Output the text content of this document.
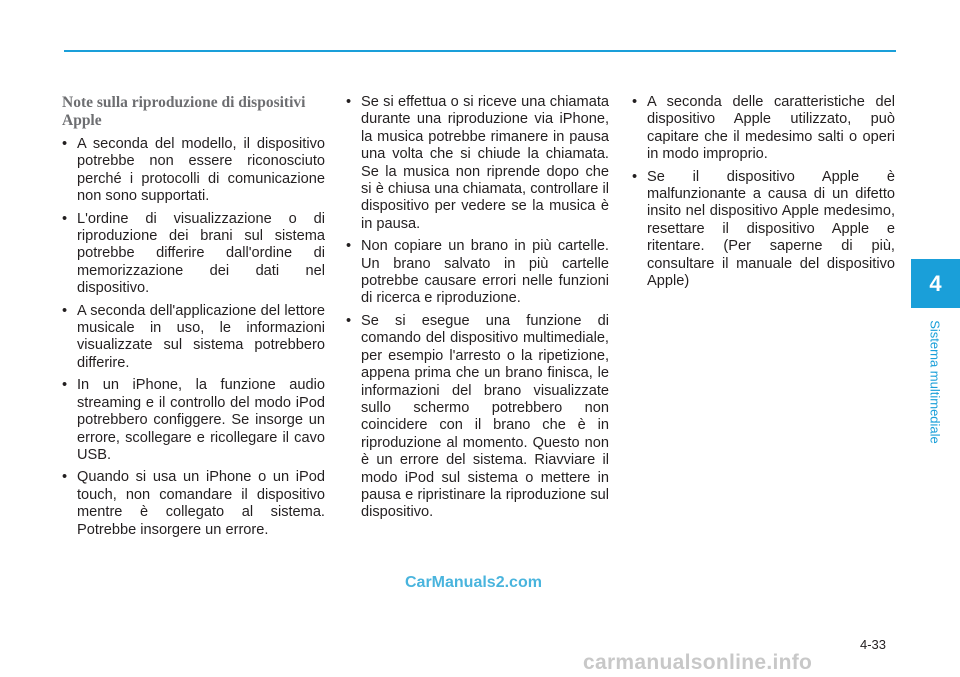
Note sulla riproduzione di dispositivi Apple
• A seconda del modello, il dispositivo potrebbe non essere riconosciuto perché i protocolli di comunicazione non sono supportati.
• L'ordine di visualizzazione o di riproduzione dei brani sul sistema potrebbe differire dall'ordine di memorizzazione dei dati nel dispositivo.
• A seconda dell'applicazione del lettore musicale in uso, le informazioni visualizzate sul sistema potrebbero differire.
• In un iPhone, la funzione audio streaming e il controllo del modo iPod potrebbero configgere. Se insorge un errore, scollegare e ricollegare il cavo USB.
• Quando si usa un iPhone o un iPod touch, non comandare il dispositivo mentre è collegato al sistema. Potrebbe insorgere un errore.
• Se si effettua o si riceve una chiamata durante una riproduzione via iPhone, la musica potrebbe rimanere in pausa una volta che si chiude la chiamata. Se la musica non riprende dopo che si è chiusa una chiamata, controllare il dispositivo per vedere se la musica è in pausa.
• Non copiare un brano in più cartelle. Un brano salvato in più cartelle potrebbe causare errori nelle funzioni di ricerca e riproduzione.
• Se si esegue una funzione di comando del dispositivo multimediale, per esempio l'arresto o la ripetizione, appena prima che un brano finisca, le informazioni del brano visualizzate sullo schermo potrebbero non coincidere con il brano che è in riproduzione al momento. Questo non è un errore del sistema. Riavviare il modo iPod sul sistema o mettere in pausa e ripristinare la riproduzione sul dispositivo.
• A seconda delle caratteristiche del dispositivo Apple utilizzato, può capitare che il medesimo salti o operi in modo improprio.
• Se il dispositivo Apple è malfunzionante a causa di un difetto insito nel dispositivo Apple medesimo, resettare il dispositivo Apple e ritentare. (Per saperne di più, consultare il manuale del dispositivo Apple)	4
Sistema multimediale
CarManuals2.com
4-33
carmanualsonline.info
